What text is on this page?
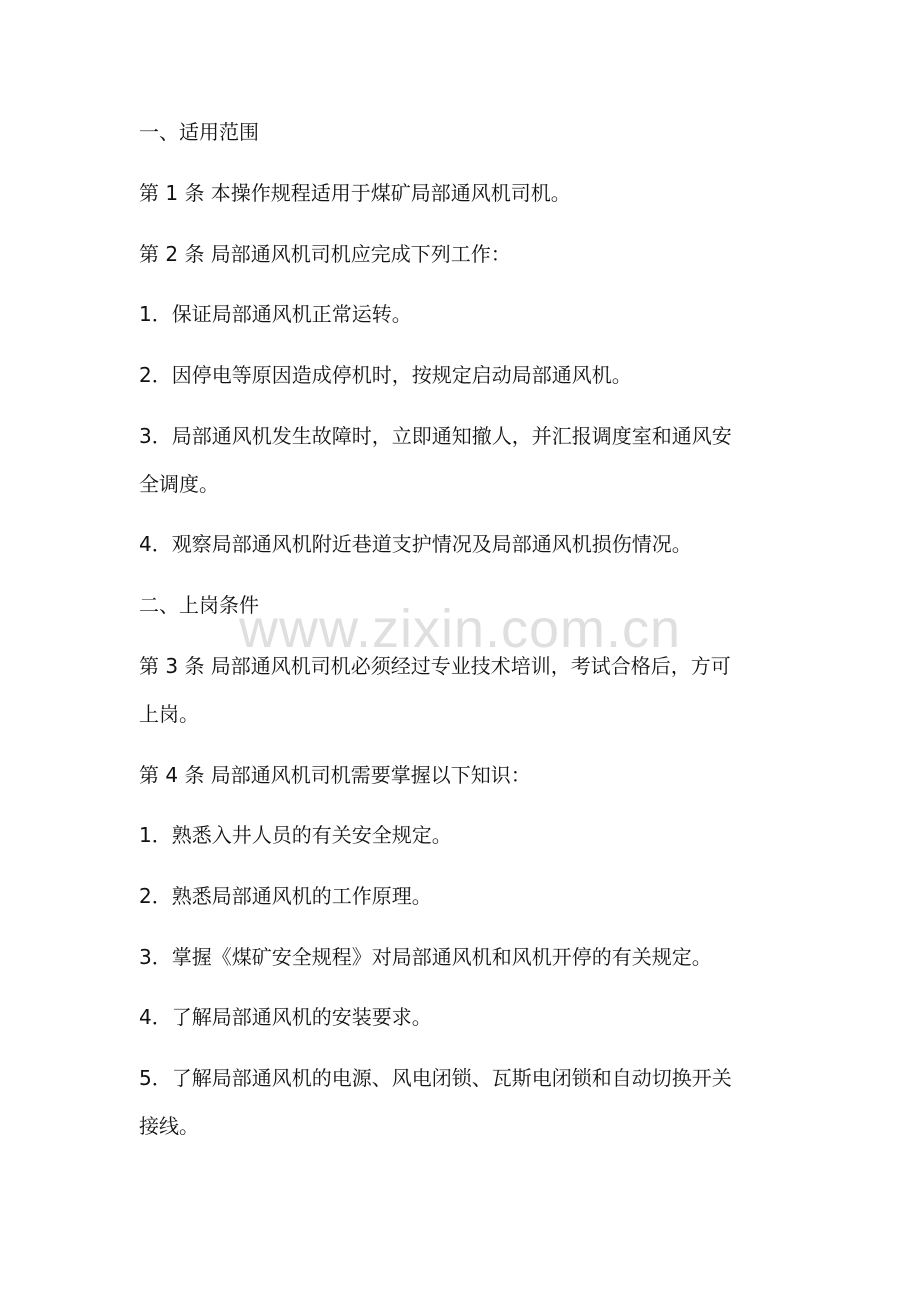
www.zixin.com.cn
一、适用范围
第 1 条 本操作规程适用于煤矿局部通风机司机。
第 2 条 局部通风机司机应完成下列工作：
1．保证局部通风机正常运转。
2．因停电等原因造成停机时，按规定启动局部通风机。
3．局部通风机发生故障时，立即通知撤人，并汇报调度室和通风安
全调度。
4．观察局部通风机附近巷道支护情况及局部通风机损伤情况。
二、上岗条件
第 3 条 局部通风机司机必须经过专业技术培训，考试合格后，方可
上岗。
第 4 条 局部通风机司机需要掌握以下知识：
1．熟悉入井人员的有关安全规定。
2．熟悉局部通风机的工作原理。
3．掌握《煤矿安全规程》对局部通风机和风机开停的有关规定。
4．了解局部通风机的安装要求。
5．了解局部通风机的电源、风电闭锁、瓦斯电闭锁和自动切换开关
接线。
